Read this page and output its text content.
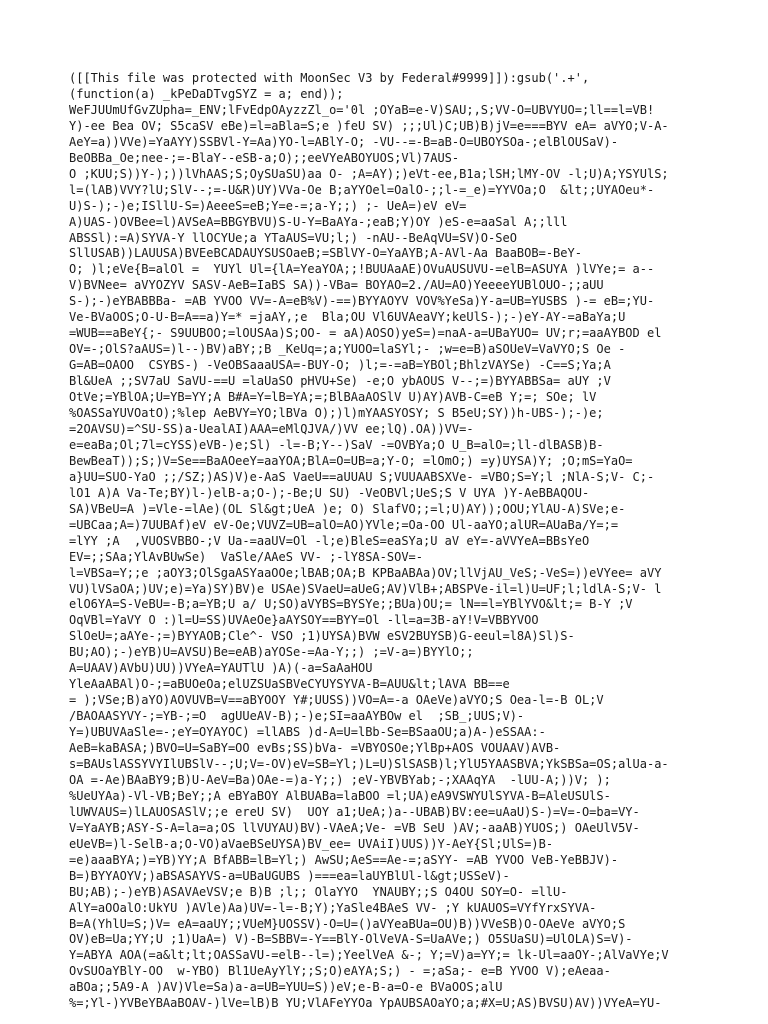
([[This file was protected with MoonSec V3 by Federal#9999]]):gsub('.+',
(function(a) _kPeDaDTvgSYZ = a; end));
WeFJUUmUfGvZUpha=_ENV;lFvEdpOAyzzZl_o='0l ;OYaB=e-V)SAU;,S;VV-O=UBVYUO=;ll==l=VB!
Y)-ee Bea OV; S5caSV eBe)=l=aBla=S;e )feU SV) ;;;Ul)C;UB)B)jV=e===BYV eA= aVYO;V-A-
AeY=a))VVe)=YaAYY)SSBVl-Y=Aa)YO-l=ABlY-O; -VU--=-B=aB-O=UBOYSOa-;elBlOUSaV)-
BeOBBa_Oe;nee-;=-BlaY--eSB-a;O);;eeVYeABOYUOS;Vl)7AUS-
O ;KUU;S))Y-);))lVhAAS;S;OySUaSU)aa O- ;A=AY);)eVt-ee,B1a;lSH;lMY-OV -l;U)A;YSYUlS;
l=(lAB)VVY?lU;SlV--;=-U&R)UY)VVa-Oe B;aYYOel=OalO-;;l-=_e)=YYVOa;O  &lt;;UYAOeu*-
U)S-);-)e;ISllU-S=)AeeeS=eB;Y=e-=;a-Y;;) ;- UeA=)eV eV=
A)UAS-)OVBee=l)AVSeA=BBGYBVU)S-U-Y=BaAYa-;eaB;Y)OY )eS-e=aaSal A;;lll
ABSSl):=A)SYVA-Y llOCYUe;a YTaAUS=VU;l;) -nAU--BeAqVU=SV)O-SeO
SllUSAB))LAUUSA)BVEeBCADAUYSUSOaeB;=SBlVY-O=YaAYB;A-AVl-Aa BaaBOB=-BeY-
O; )l;eVe{B=alOl =  YUYl Ul={lA=YeaYOA;;!BUUAaAE)OVuAUSUVU-=elB=ASUYA )lVYe;= a--
V)BVNee= aVYOZYV SASV-AeB=IaBS SA))-VBa= BOYAO=2./AU=AO)YeeeeYUBlOUO-;;aUU
S-);-)eYBABBBa- =AB YVOO VV=-A=eB%V)-==)BYYAOYV VOV%YeSa)Y-a=UB=YUSBS )-= eB=;YU-
Ve-BVaOOS;O-U-B=A==a)Y=* =jaAY,;e  Bla;OU Vl6UVAeaVY;keUlS-);-)eY-AY-=aBaYa;U
=WUB==aBeY{;- S9UUBOO;=lOUSAa)S;OO- = aA)AOSO)yeS=)=naA-a=UBaYUO= UV;r;=aaAYBOD el
OV=-;OlS?aAUS=)l--)BV)aBY;;B _KeUq=;a;YUOO=laSYl;- ;w=e=B)aSOUeV=VaVYO;S Oe -
G=AB=OAOO  CSYBS-) -VeOBSaaaUSA=-BUY-O; )l;=-=aB=YBOl;BhlzVAYSe) -C==S;Ya;A
Bl&UeA ;;SV7aU SaVU-==U =laUaSO pHVU+Se) -e;O ybAOUS V--;=)BYYABBSa= aUY ;V
OtVe;=YBlOA;U=YB=YY;A B#A=Y=lB=YA;=;BlBAaAOSlV U)AY)AVB-C=eB Y;=; SOe; lV
%OASSaYUVOatO);%lep AeBVY=YO;lBVa O);)l)mYAASYOSY; S B5eU;SY))h-UBS-);-)e;
=2OAVSU)=^SU-SS)a-UealAI)AAA=eMlQJVA/)VV ee;lQ).OA))VV=-
e=eaBa;Ol;7l=cYSS)eVB-)e;Sl) -l=-B;Y--)SaV -=OVBYa;O U_B=alO=;ll-dlBASB)B-
BewBeaT));S;)V=Se==BaAOeeY=aaYOA;BlA=O=UB=a;Y-O; =lOmO;) =y)UYSA)Y; ;O;mS=YaO=
a}UU=SUO-YaO ;;/SZ;)AS)V)e-AaS VaeU==aUUAU S;VUUAABSXVe- =VBO;S=Y;l ;NlA-S;V- C;-
lO1 A)A Va-Te;BY)l-)elB-a;O-);-Be;U SU) -VeOBVl;UeS;S V UYA )Y-AeBBAQOU-
SA)VBeU=A )=Vle-=lAe)(OL Sl&gt;UeA )e; O) SlafVO;;=l;U)AY));OOU;YlAU-A)SVe;e-
=UBCaa;A=)7UUBAf)eV eV-Oe;VUVZ=UB=alO=AO)YVle;=Oa-OO Ul-aaYO;alUR=AUaBa/Y=;=
=lYY ;A  ,VUOSVBBO-;V Ua-=aaUV=Ol -l;e)BleS=eaSYa;U aV eY=-aVVYeA=BBsYeO
EV=;;SAa;YlAvBUwSe)  VaSle/AAeS VV- ;-lY8SA-SOV=-
l=VBSa=Y;;e ;aOY3;OlSgaASYaaOOe;lBAB;OA;B KPBaABAa)OV;llVjAU_VeS;-VeS=))eVYee= aVY
VU)lVSaOA;)UV;e)=Ya)SY)BV)e USAe)SVaeU=aUeG;AV)VlB+;ABSPVe-il=l)U=UF;l;ldlA-S;V- l
elO6YA=S-VeBU=-B;a=YB;U a/ U;SO)aVYBS=BYSYe;;BUa)OU;= lN==l=YBlYVO&lt;= B-Y ;V
OqVBl=YaVY O :)l=U=SS)UVAeOe}aAYSOY==BYY=Ol -ll=a=3B-aY!V=VBBYVOO
SlOeU=;aAYe-;=)BYYAOB;Cle^- VSO ;1)UYSA)BVW eSV2BUYSB)G-eeul=l8A)Sl)S-
BU;AO);-)eYB)U=AVSU)Be=eAB)aYOSe-=Aa-Y;;) ;=V-a=)BYYlO;;
A=UAAV)AVbU)UU))VYeA=YAUTlU )A)(-a=SaAaHOU
YleAaABAl)O-;=aBUOeOa;elUZSUaSBVeCYUYSYVA-B=AUU&lt;lAVA BB==e
= );VSe;B)aYO)AOVUVB=V==aBYOOY Y#;UUSS))VO=A=-a OAeVe)aVYO;S Oea-l=-B OL;V
/BAOAASYVY-;=YB-;=O  agUUeAV-B);-)e;SI=aaAYBOw el  ;SB_;UUS;V)-
Y=)UBUVAaSle=-;eY=OYAYOC) =llABS )d-A=U=lBb-Se=BSaaOU;a)A-)eSSAA:-
AeB=kaBASA;)BVO=U=SaBY=OO evBs;SS)bVa- =VBYOSOe;YlBp+AOS VOUAAV)AVB-
s=BAUslASSYVYIlUBSlV--;U;V=-OV)eV=SB=Yl;)L=U)SlSASB)l;YlU5YAASBVA;YkSBSa=OS;alUa-a-
OA =-Ae)BAaBY9;B)U-AeV=Ba)OAe-=)a-Y;;) ;eV-YBVBYab;-;XAAqYA  -lUU-A;))V; );
%UeUYAa)-Vl-VB;BeY;;A eBYaBOY AlBUABa=laBOO =l;UA)eA9VSWYUlSYVA-B=AleUSUlS-
lUWVAUS=)lLAUOSASlV;;e ereU SV)  UOY a1;UeA;)a--UBAB)BV:ee=uAaU)S-)=V=-O=ba=VY-
V=YaAYB;ASY-S-A=la=a;OS llVUYAU)BV)-VAeA;Ve- =VB SeU )AV;-aaAB)YUOS;) OAeUlV5V-
eUeVB=)l-SelB-a;O-VO)aVaeBSeUYSA)BV_ee= UVAiI)UUS))Y-AeY{Sl;UlS=)B-
=e)aaaBYA;)=YB)YY;A BfABB=lB=Yl;) AwSU;AeS==Ae-=;aSYY- =AB YVOO VeB-YeBBJV)-
B=)BYYAOYV;)aBSASAYVS-a=UBaUGUBS )===ea=laUYBlUl-l&gt;USSeV)-
BU;AB);-)eYB)ASAVAeVSV;e B)B ;l;; OlaYYO  YNAUBY;;S O4OU SOY=O- =llU-
AlY=aOOalO:UkYU )AVle)Aa)UV=-l=-B;Y);YaSle4BAeS VV- ;Y kUAUOS=VYfYrxSYVA-
B=A(YhlU=S;)V= eA=aaUY;;VUeM}UOSSV)-O=U=()aVYeaBUa=OU)B))VVeSB)O-OAeVe aVYO;S
OV)eB=Ua;YY;U ;1)UaA=) V)-B=SBBV=-Y==BlY-OlVeVA-S=UaAVe;) O5SUaSU)=UlOLA)S=V)-
Y=ABYA AOA(=a&lt;lt;OASSaVU-=elB--l=);YeelVeA &-; Y;=V)a=YY;= lk-Ul=aaOY-;AlVaVYe;V
OvSUOaYBlY-OO  w-YBO) Bl1UeAyYlY;;S;O)eAYA;S;) - =;aSa;- e=B YVOO V);eAeaa-
aBOa;;5A9-A )AV)Vle=Sa)a-a=UB=YUU=S))eV;e-B-a=O-e BVaOOS;alU
%=;Yl-)YVBeYBAaBOAV-)lVe=lB)B YU;VlAFeYYOa YpAUBSAOaYO;a;#X=U;AS)BVSU)AV))VYeA=YU-
